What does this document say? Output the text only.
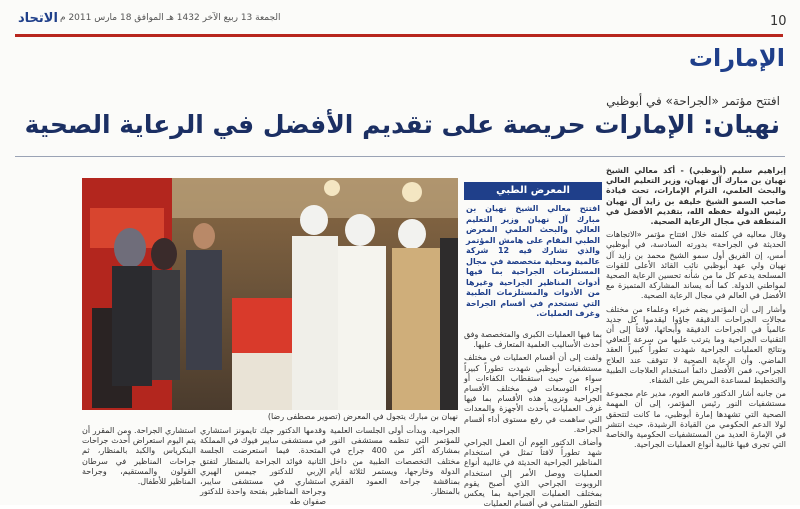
10
الاتحاد الجمعة 13 ربيع الآخر 1432 هـ الموافق 18 مارس 2011 م
الإمارات
افتتح مؤتمر «الجراحة» في أبوظبي
نهيان: الإمارات حريصة على تقديم الأفضل في الرعاية الصحية

إبراهيم سليم (أبوظبي) - أكد معالي الشيخ نهيان بن مبارك آل نهيان، وزير التعليم العالي والبحث العلمي، التزام الإمارات، تحت قيادة صاحب السمو الشيخ خليفة بن زايد آل نهيان رئيس الدولة حفظه الله، بتقديم الأفضل في المنطقة في مجال الرعاية الصحية.

وقال معاليه في كلمته خلال افتتاح مؤتمر «الاتجاهات الحديثة في الجراحة» بدورته السادسة، في أبوظبي أمس، إن الفريق أول سمو الشيخ محمد بن زايد آل نهيان ولي عهد أبوظبي نائب القائد الأعلى للقوات المسلحة يدعم كل ما من شأنه تحسين الرعاية الصحية لمواطني الدولة. كما أنه يساند المشاركة المتميزة مع الأفضل في العالم في مجال الرعاية الصحية.

وأشار إلى أن المؤتمر يضم خبراء وعلماء من مختلف مجالات الجراحات الدقيقة جاؤوا ليقدموا كل جديد عالمياً في الجراحات الدقيقة وأبحاثها، لافتاً إلى أن التقنيات الجراحية وما يترتب عليها من سرعة التعافي ونتائج العمليات الجراحية شهدت تطوراً كبيراً العقد الماضي. وأن الرعاية الصحية لا تتوقف عند العلاج الجراحي، فمن الأفضل دائماً استخدام العلاجات الطبية والتخطيط لمساعدة المريض على الشفاء.

من جانبه أشار الدكتور قاسم العوم، مدير عام مجموعة مستشفيات النور رئيس المؤتمر، إلى أن المهمة الصحية التي تشهدها إمارة أبوظبي، ما كانت لتتحقق لولا الدعم الحكومي من القيادة الرشيدة، حيث انتشر في الإمارة العديد من المستشفيات الحكومية والخاصة التي تجرى فيها غالبية أنواع العمليات الجراحية.

بما فيها العمليات الكبرى والمتخصصة وفق أحدث الأساليب العلمية المتعارف عليها.

ولفت إلى أن أقسام العمليات في مختلف مستشفيات أبوظبي شهدت تطوراً كبيراً سواء من حيث استقطاب الكفاءات أو إجراء التوسعات في مختلف الأقسام الجراحية وتزويد هذه الأقسام بما فيها غرف العمليات بأحدث الأجهزة والمعدات التي ساهمت في رفع مستوى أداء أقسام الجراحة.

وأضاف الدكتور العوم أن العمل الجراحي شهد تطوراً لافتاً تمثل في استخدام المناظير الجراحية الحديثة في غالبية أنواع العمليات ووصل الأمر إلى استخدام الروبوت الجراحي الذي أصبح يقوم بمختلف العمليات الجراحية بما يعكس التطور المتنامي في أقسام العمليات

المعرض الطبي
افتتح معالي الشيخ نهيان بن مبارك آل نهيان وزير التعليم العالي والبحث العلمي المعرض الطبي المقام على هامش المؤتمر والذي تشارك فيه 12 شركة عالمية ومحلية متخصصة في مجال المستلزمات الجراحية بما فيها أدوات المناظير الجراحية وغيرها من الأدوات والمستلزمات الطبية التي تستخدم في أقسام الجراحة وغرف العمليات.
نهيان بن مبارك يتجول في المعرض (تصوير مصطفى رضا)
الجراحية. وبدأت أولى الجلسات العلمية للمؤتمر التي تنظمه مستشفى النور بمشاركة أكثر من 400 جراح في مختلف التخصصات الطبية من داخل الدولة وخارجها، ويستمر لثلاثة أيام بمناقشة جراحة العمود الفقري بالمنظار.
وقدمها الدكتور جيك تايمونز استشاري في مستشفى سايبر فيوك في المملكة المتحدة. فيما استعرضت الجلسة الثانية فوائد الجراحة بالمنظار لتفتق الإربي للدكتور جيمس الهيري استشاري في مستشفى سايبر، وجراحة المناظير بفتحة واحدة للدكتور صفوان طه
استشاري الجراحة. ومن المقرر أن يتم اليوم استعراض أحدث جراحات البنكرياس والكبد بالمنظار، ثم جراحات المناظير في سرطان القولون والمستقيم، وجراحة المناظير للأطفال.
